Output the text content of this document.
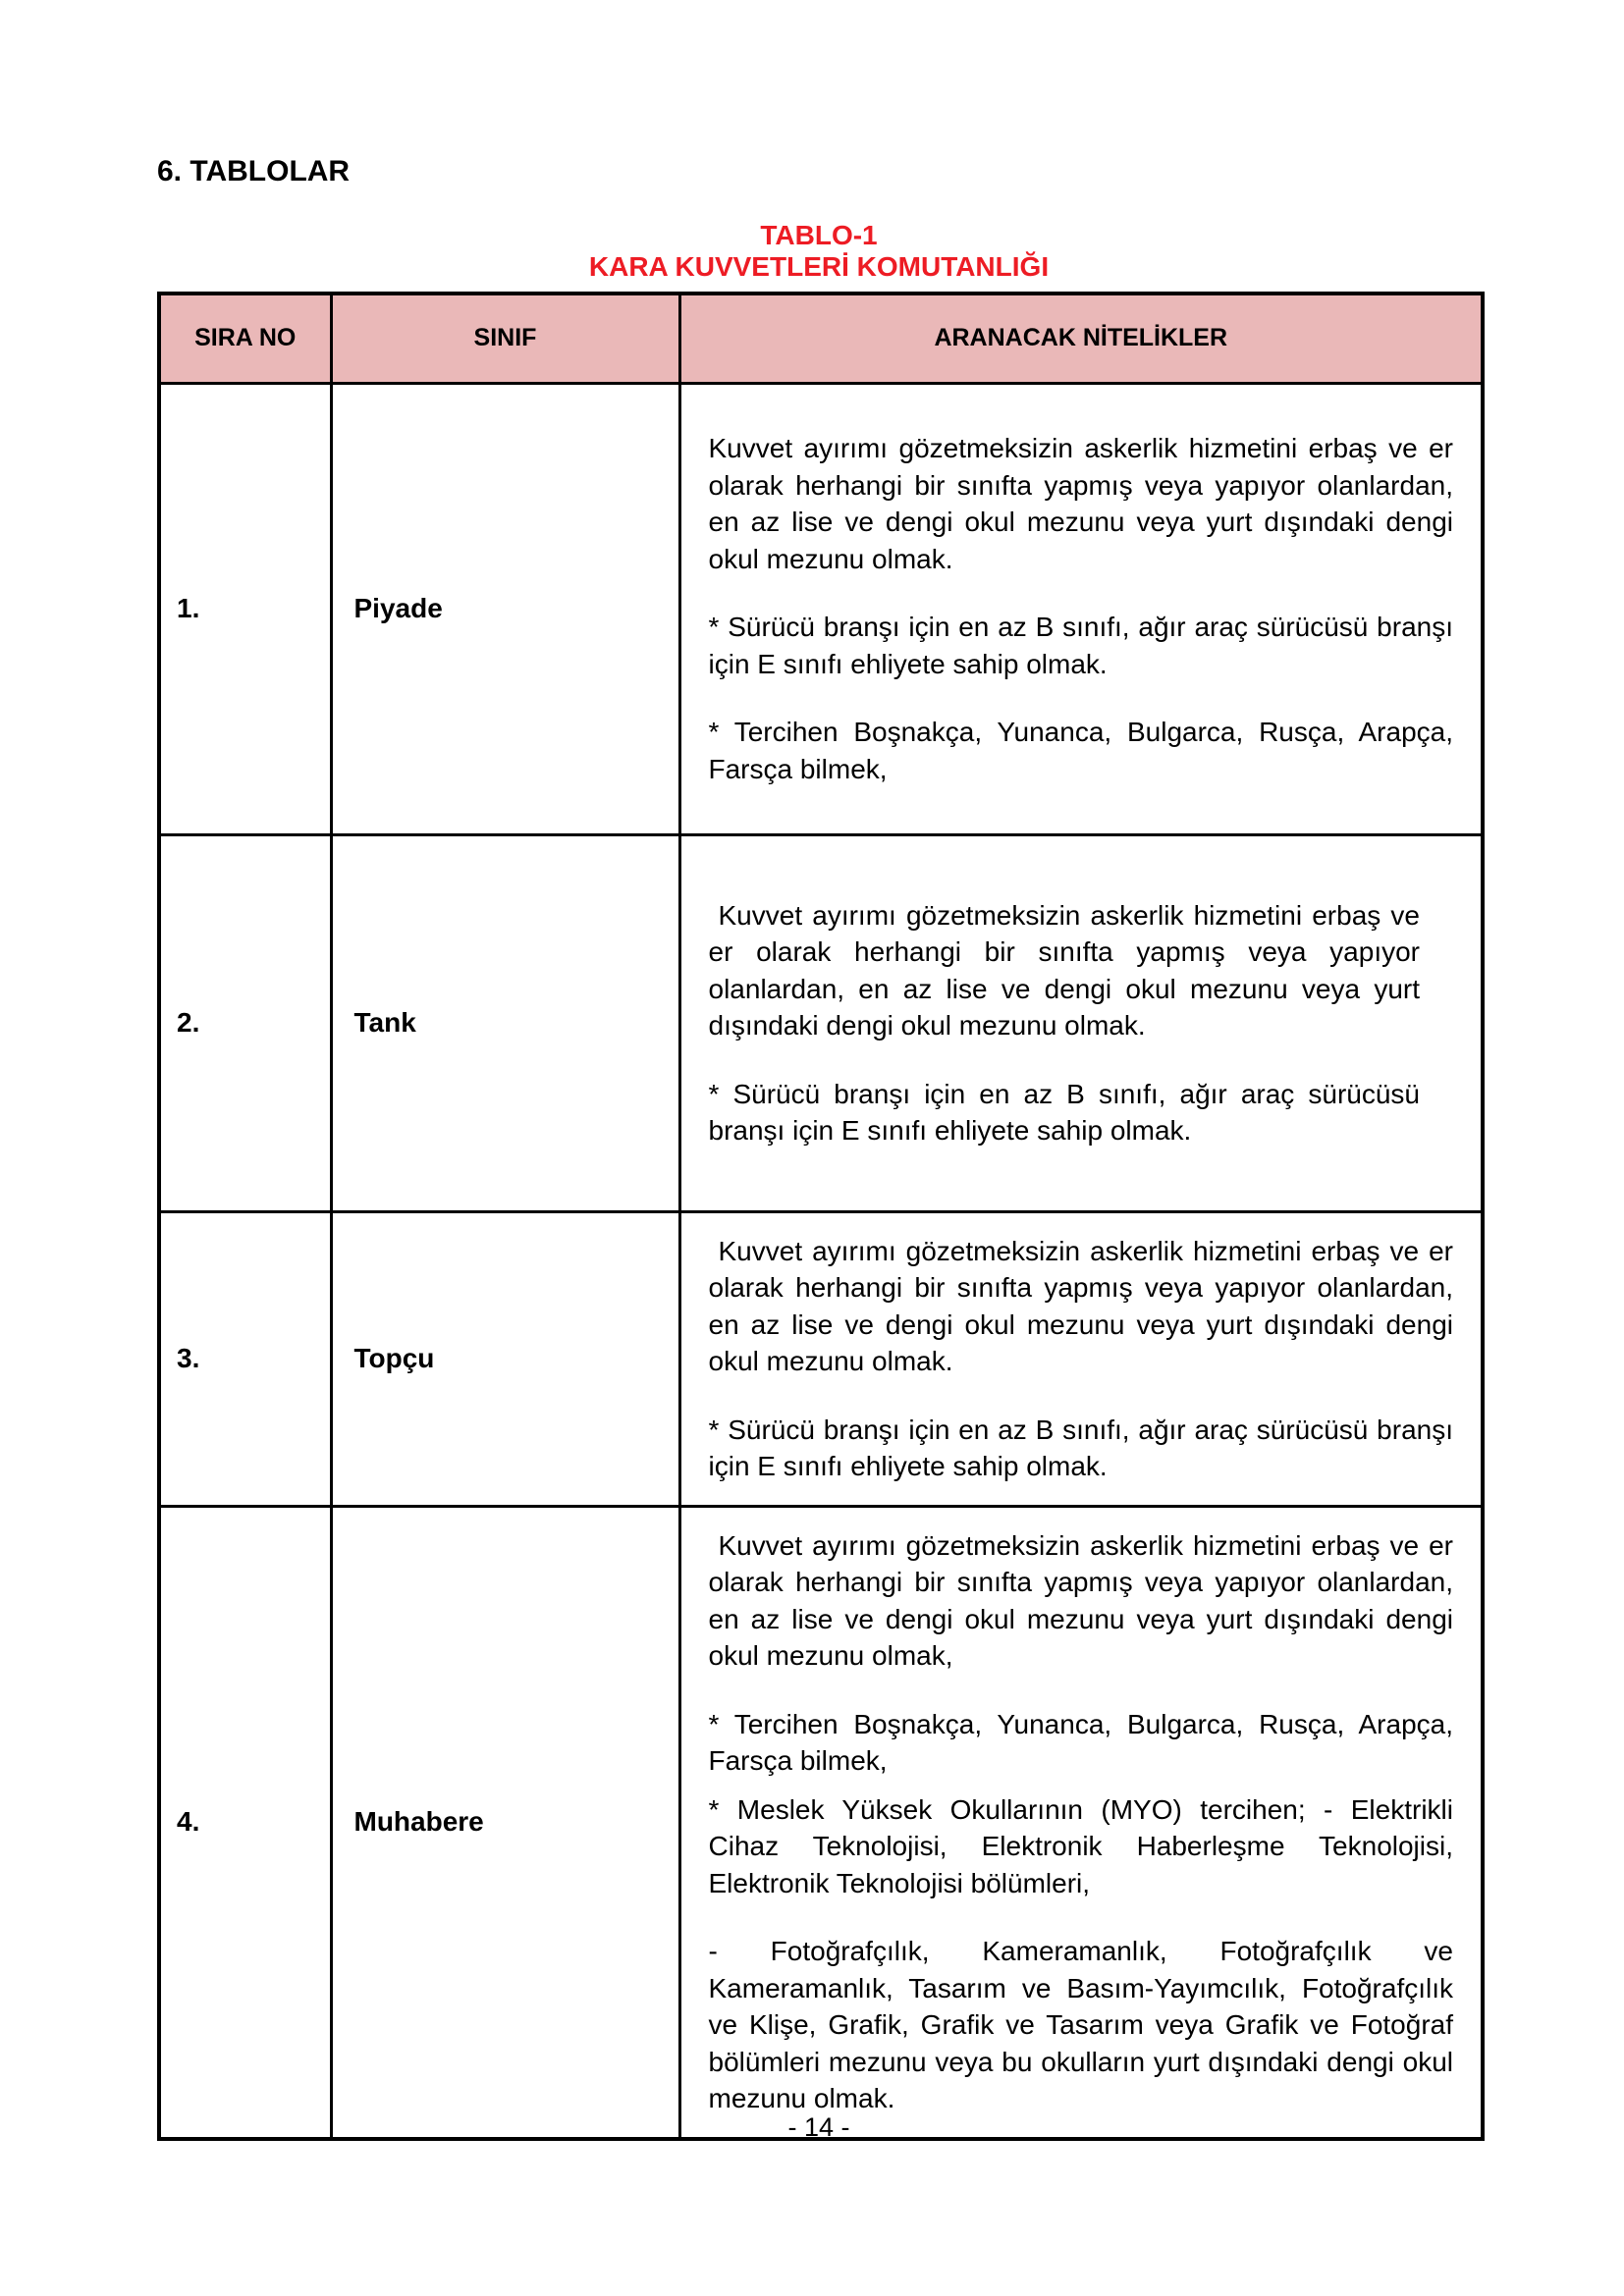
6. TABLOLAR
TABLO-1
KARA KUVVETLERİ KOMUTANLIĞI
SIRA NO	SINIF	ARANACAK NİTELİKLER
1.	Piyade	Kuvvet ayırımı gözetmeksizin askerlik hizmetini erbaş ve er olarak herhangi bir sınıfta yapmış veya yapıyor olanlardan, en az lise ve dengi okul mezunu veya yurt dışındaki dengi okul mezunu olmak.

* Sürücü branşı için en az B sınıfı, ağır araç sürücüsü branşı için E sınıfı ehliyete sahip olmak.

* Tercihen Boşnakça, Yunanca, Bulgarca, Rusça, Arapça, Farsça bilmek,

2.	Tank	Kuvvet ayırımı gözetmeksizin askerlik hizmetini erbaş ve er olarak herhangi bir sınıfta yapmış veya yapıyor olanlardan, en az lise ve dengi okul mezunu veya yurt dışındaki dengi okul mezunu olmak.

* Sürücü branşı için en az B sınıfı, ağır araç sürücüsü branşı için E sınıfı ehliyete sahip olmak.

3.	Topçu	Kuvvet ayırımı gözetmeksizin askerlik hizmetini erbaş ve er olarak herhangi bir sınıfta yapmış veya yapıyor olanlardan, en az lise ve dengi okul mezunu veya yurt dışındaki dengi okul mezunu olmak.

* Sürücü branşı için en az B sınıfı, ağır araç sürücüsü branşı için E sınıfı ehliyete sahip olmak.

4.	Muhabere	Kuvvet ayırımı gözetmeksizin askerlik hizmetini erbaş ve er olarak herhangi bir sınıfta yapmış veya yapıyor olanlardan, en az lise ve dengi okul mezunu veya yurt dışındaki dengi okul mezunu olmak,

* Tercihen Boşnakça, Yunanca, Bulgarca, Rusça, Arapça, Farsça bilmek,

* Meslek Yüksek Okullarının (MYO) tercihen; - Elektrikli Cihaz Teknolojisi, Elektronik Haberleşme Teknolojisi, Elektronik Teknolojisi bölümleri,

- Fotoğrafçılık, Kameramanlık, Fotoğrafçılık ve Kameramanlık, Tasarım ve Basım-Yayımcılık, Fotoğrafçılık ve Klişe, Grafik, Grafik ve Tasarım veya Grafik ve Fotoğraf bölümleri mezunu veya bu okulların yurt dışındaki dengi okul mezunu olmak.

- 14 -
